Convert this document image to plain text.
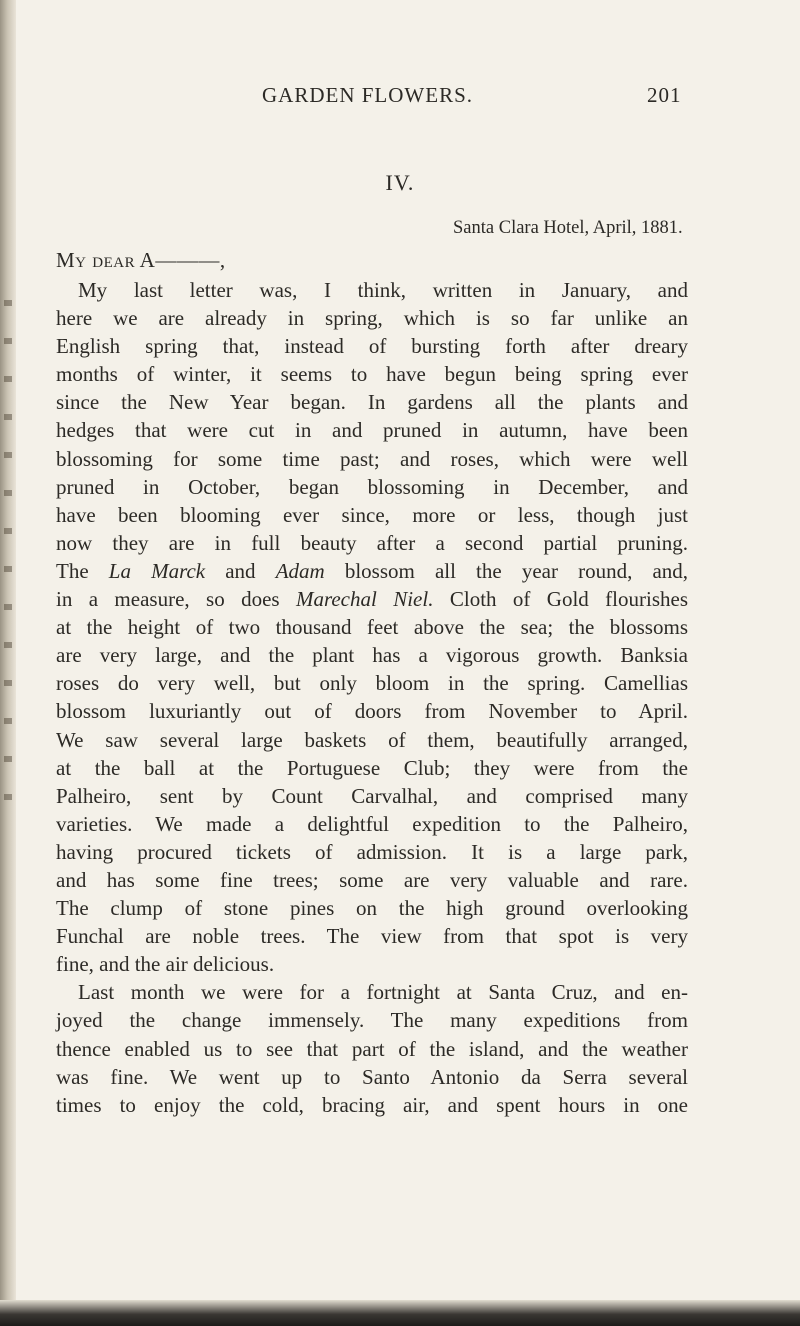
GARDEN FLOWERS.	201
IV.
Santa Clara Hotel, April, 1881.
My dear A———,

My last letter was, I think, written in January, and

here we are already in spring, which is so far unlike an

English spring that, instead of bursting forth after dreary

months of winter, it seems to have begun being spring ever

since the New Year began. In gardens all the plants and

hedges that were cut in and pruned in autumn, have been

blossoming for some time past; and roses, which were well

pruned in October, began blossoming in December, and

have been blooming ever since, more or less, though just

now they are in full beauty after a second partial pruning.

The La Marck and Adam blossom all the year round, and,

in a measure, so does Marechal Niel. Cloth of Gold flourishes

at the height of two thousand feet above the sea; the blossoms

are very large, and the plant has a vigorous growth. Banksia

roses do very well, but only bloom in the spring. Camellias

blossom luxuriantly out of doors from November to April.

We saw several large baskets of them, beautifully arranged,

at the ball at the Portuguese Club; they were from the

Palheiro, sent by Count Carvalhal, and comprised many

varieties. We made a delightful expedition to the Palheiro,

having procured tickets of admission. It is a large park,

and has some fine trees; some are very valuable and rare.

The clump of stone pines on the high ground overlooking

Funchal are noble trees. The view from that spot is very

fine, and the air delicious.

Last month we were for a fortnight at Santa Cruz, and en-

joyed the change immensely. The many expeditions from

thence enabled us to see that part of the island, and the weather

was fine. We went up to Santo Antonio da Serra several

times to enjoy the cold, bracing air, and spent hours in one
